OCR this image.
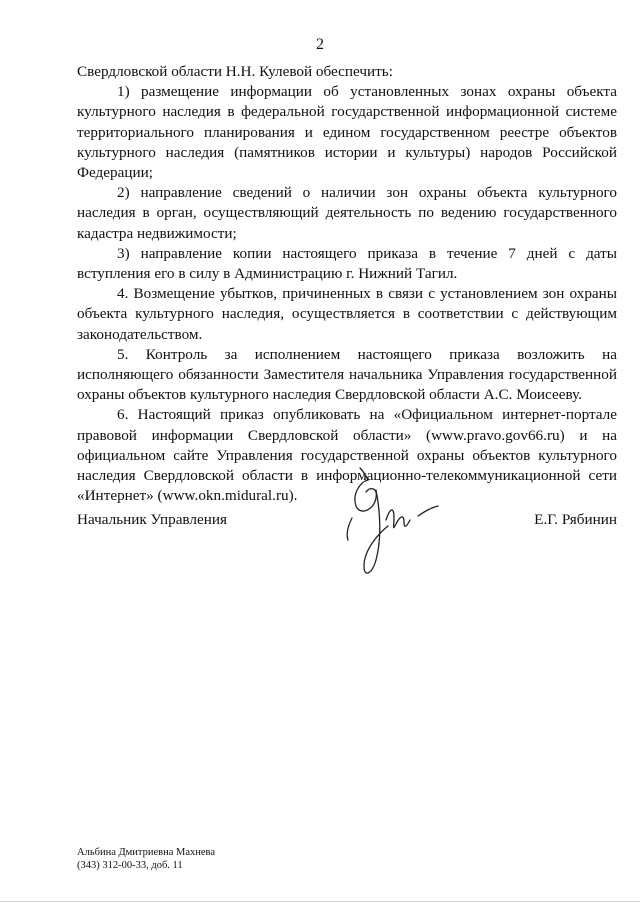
2

Свердловской области Н.Н. Кулевой обеспечить:

1) размещение информации об установленных зонах охраны объекта культурного наследия в федеральной государственной информационной системе территориального планирования и едином государственном реестре объектов культурного наследия (памятников истории и культуры) народов Российской Федерации;

2) направление сведений о наличии зон охраны объекта культурного наследия в орган, осуществляющий деятельность по ведению государственного кадастра недвижимости;

3) направление копии настоящего приказа в течение 7 дней с даты вступления его в силу в Администрацию г. Нижний Тагил.

4. Возмещение убытков, причиненных в связи с установлением зон охраны объекта культурного наследия, осуществляется в соответствии с действующим законодательством.

5. Контроль за исполнением настоящего приказа возложить на исполняющего обязанности Заместителя начальника Управления государственной охраны объектов культурного наследия Свердловской области А.С. Моисееву.

6. Настоящий приказ опубликовать на «Официальном интернет-портале правовой информации Свердловской области» (www.pravo.gov66.ru) и на официальном сайте Управления государственной охраны объектов культурного наследия Свердловской области в информационно-телекоммуникационной сети «Интернет» (www.okn.midural.ru).

Начальник Управления	Е.Г. Рябинин
Альбина Дмитриевна Махнева
(343) 312-00-33, доб. 11
